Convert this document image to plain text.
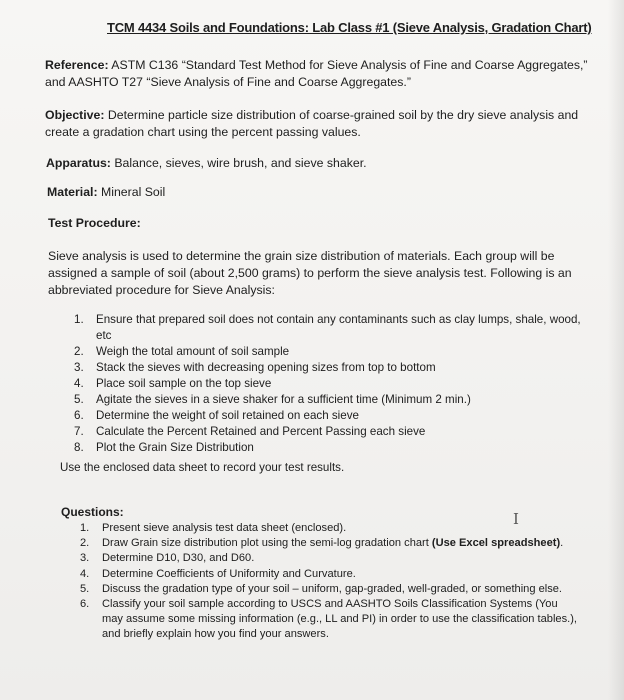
TCM 4434 Soils and Foundations: Lab Class #1 (Sieve Analysis, Gradation Chart)

Reference: ASTM C136 “Standard Test Method for Sieve Analysis of Fine and Coarse Aggregates,” and AASHTO T27 “Sieve Analysis of Fine and Coarse Aggregates.”

Objective: Determine particle size distribution of coarse-grained soil by the dry sieve analysis and create a gradation chart using the percent passing values.

Apparatus: Balance, sieves, wire brush, and sieve shaker.

Material: Mineral Soil

Test Procedure:

Sieve analysis is used to determine the grain size distribution of materials. Each group will be assigned a sample of soil (about 2,500 grams) to perform the sieve analysis test. Following is an abbreviated procedure for Sieve Analysis:

1.	Ensure that prepared soil does not contain any contaminants such as clay lumps, shale, wood, etc
2.	Weigh the total amount of soil sample
3.	Stack the sieves with decreasing opening sizes from top to bottom
4.	Place soil sample on the top sieve
5.	Agitate the sieves in a sieve shaker for a sufficient time (Minimum 2 min.)
6.	Determine the weight of soil retained on each sieve
7.	Calculate the Percent Retained and Percent Passing each sieve
8.	Plot the Grain Size Distribution
Use the enclosed data sheet to record your test results.
Questions:	I
1.	Present sieve analysis test data sheet (enclosed).
2.	Draw Grain size distribution plot using the semi-log gradation chart (Use Excel spreadsheet).
3.	Determine D10, D30, and D60.
4.	Determine Coefficients of Uniformity and Curvature.
5.	Discuss the gradation type of your soil – uniform, gap-graded, well-graded, or something else.
6.	Classify your soil sample according to USCS and AASHTO Soils Classification Systems (You may assume some missing information (e.g., LL and PI) in order to use the classification tables.), and briefly explain how you find your answers.
